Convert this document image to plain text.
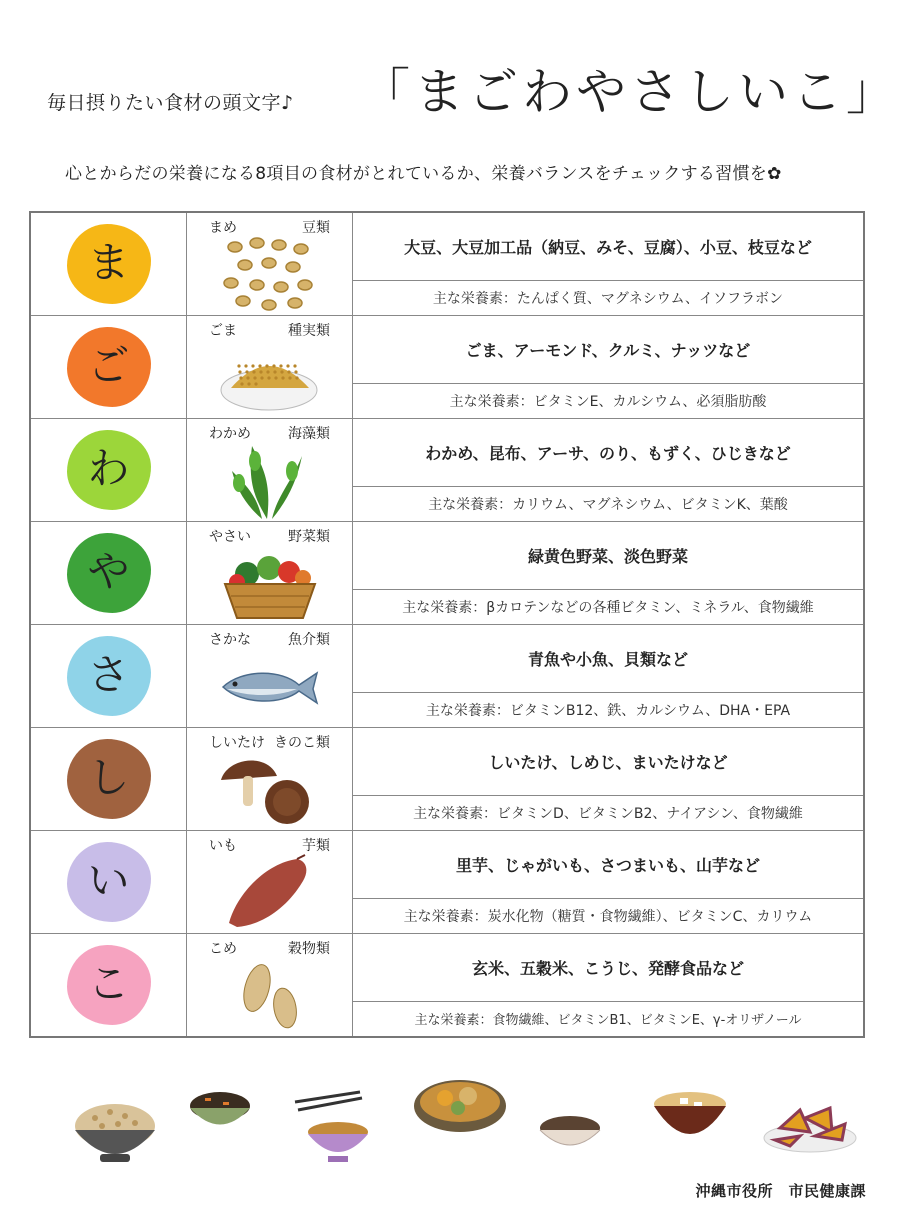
毎日摂りたい食材の頭文字♪ 「まごわやさしいこ」
心とからだの栄養になる8項目の食材がとれているか、栄養バランスをチェックする習慣を✿
ま	まめ 豆類	大豆、大豆加工品（納豆、みそ、豆腐）、小豆、枝豆など
		主な栄養素：たんぱく質、マグネシウム、イソフラボン
ご	ごま 種実類	ごま、アーモンド、クルミ、ナッツなど
		主な栄養素：ビタミンE、カルシウム、必須脂肪酸
わ	わかめ 海藻類	わかめ、昆布、アーサ、のり、もずく、ひじきなど
		主な栄養素：カリウム、マグネシウム、ビタミンK、葉酸
や	やさい 野菜類	緑黄色野菜、淡色野菜
		主な栄養素：βカロテンなどの各種ビタミン、ミネラル、食物繊維
さ	さかな 魚介類	青魚や小魚、貝類など
		主な栄養素：ビタミンB12、鉄、カルシウム、DHA・EPA
し	しいたけ きのこ類	しいたけ、しめじ、まいたけなど
		主な栄養素：ビタミンD、ビタミンB2、ナイアシン、食物繊維
い	いも 芋類	里芋、じゃがいも、さつまいも、山芋など
		主な栄養素：炭水化物（糖質・食物繊維）、ビタミンC、カリウム
こ	こめ 穀物類	玄米、五穀米、こうじ、発酵食品など
		主な栄養素：食物繊維、ビタミンB1、ビタミンE、γ-オリザノール
沖縄市役所　市民健康課
